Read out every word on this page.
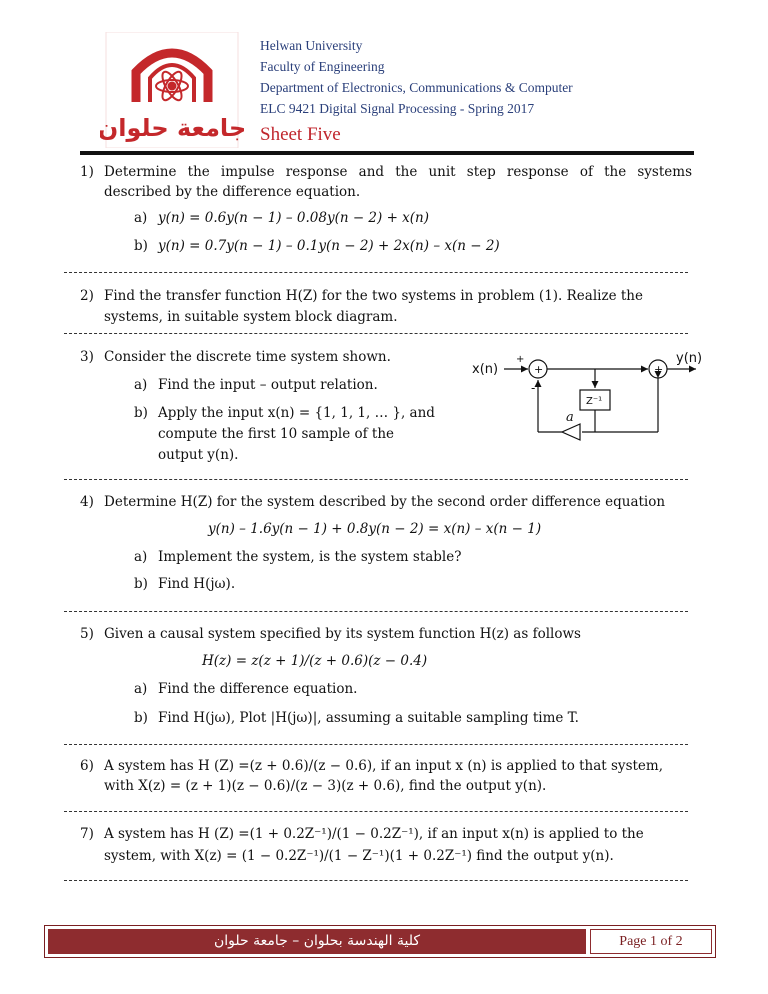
جامعة حلوان
Helwan University
Faculty of Engineering
Department of Electronics, Communications & Computer
ELC 9421 Digital Signal Processing - Spring 2017
Sheet Five
1) Determine the impulse response and the unit step response of the systems
described by the difference equation.
a) y(n) = 0.6y(n − 1) – 0.08y(n − 2) + x(n)
b) y(n) = 0.7y(n − 1) – 0.1y(n − 2) + 2x(n) – x(n − 2)
2) Find the transfer function H(Z) for the two systems in problem (1). Realize the
systems, in suitable system block diagram.
3) Consider the discrete time system shown.
a) Find the input – output relation.
b) Apply the input x(n) = {1, 1, 1, … }, and
compute the first 10 sample of the
output y(n).
x(n)
+
+
-
+
y(n)
Z⁻¹
a
4) Determine H(Z) for the system described by the second order difference equation
y(n) – 1.6y(n − 1) + 0.8y(n − 2) = x(n) – x(n − 1)
a) Implement the system, is the system stable?
b) Find H(jω).
5) Given a causal system specified by its system function H(z) as follows
H(z) = z(z + 1)/(z + 0.6)(z − 0.4)
a) Find the difference equation.
b) Find H(jω), Plot |H(jω)|, assuming a suitable sampling time T.
6) A system has H (Z) =(z + 0.6)/(z − 0.6), if an input x (n) is applied to that system,
with X(z) = (z + 1)(z − 0.6)/(z − 3)(z + 0.6), find the output y(n).
7) A system has H (Z) =(1 + 0.2Z⁻¹)/(1 − 0.2Z⁻¹), if an input x(n) is applied to the
system, with X(z) = (1 − 0.2Z⁻¹)/(1 − Z⁻¹)(1 + 0.2Z⁻¹) find the output y(n).
كلية الهندسة بحلوان – جامعة حلوان	Page 1 of 2
